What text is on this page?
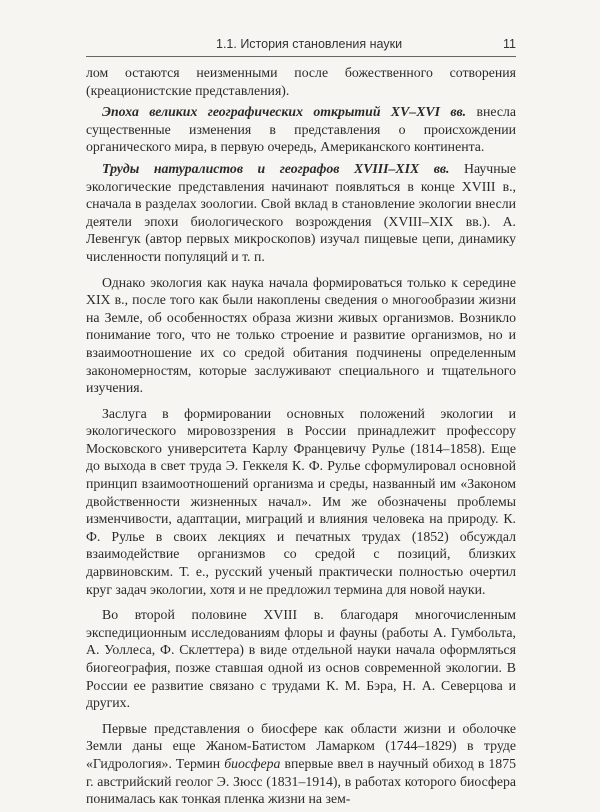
1.1. История становления науки	11

лом остаются неизменными после божественного сотворения (креационистские представления).

Эпоха великих географических открытий XV–XVI вв. внесла существенные изменения в представления о происхождении органического мира, в первую очередь, Американского континента.

Труды натуралистов и географов XVIII–XIX вв. Научные экологические представления начинают появляться в конце XVIII в., сначала в разделах зоологии. Свой вклад в становление экологии внесли деятели эпохи биологического возрождения (XVIII–XIX вв.). А. Левенгук (автор первых микроскопов) изучал пищевые цепи, динамику численности популяций и т. п.

Однако экология как наука начала формироваться только к середине XIX в., после того как были накоплены сведения о многообразии жизни на Земле, об особенностях образа жизни живых организмов. Возникло понимание того, что не только строение и развитие организмов, но и взаимоотношение их со средой обитания подчинены определенным закономерностям, которые заслуживают специального и тщательного изучения.

Заслуга в формировании основных положений экологии и экологического мировоззрения в России принадлежит профессору Московского университета Карлу Францевичу Рулье (1814–1858). Еще до выхода в свет труда Э. Геккеля К. Ф. Рулье сформулировал основной принцип взаимоотношений организма и среды, названный им «Законом двойственности жизненных начал». Им же обозначены проблемы изменчивости, адаптации, миграций и влияния человека на природу. К. Ф. Рулье в своих лекциях и печатных трудах (1852) обсуждал взаимодействие организмов со средой с позиций, близких дарвиновским. Т. е., русский ученый практически полностью очертил круг задач экологии, хотя и не предложил термина для новой науки.

Во второй половине XVIII в. благодаря многочисленным экспедиционным исследованиям флоры и фауны (работы А. Гумбольта, А. Уоллеса, Ф. Склеттера) в виде отдельной науки начала оформляться биогеография, позже ставшая одной из основ современной экологии. В России ее развитие связано с трудами К. М. Бэра, Н. А. Северцова и других.

Первые представления о биосфере как области жизни и оболочке Земли даны еще Жаном-Батистом Ламарком (1744–1829) в труде «Гидрология». Термин биосфера впервые ввел в научный обиход в 1875 г. австрийский геолог Э. Зюсс (1831–1914), в работах которого биосфера понималась как тонкая пленка жизни на зем-
